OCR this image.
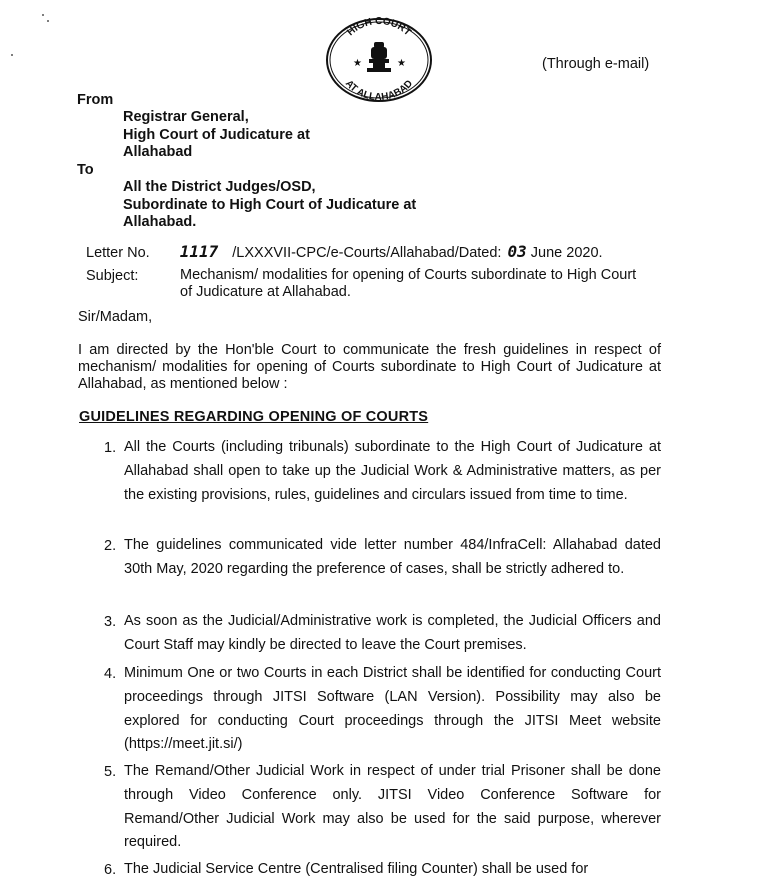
HIGH COURT
AT ALLAHABAD
★	★	(Through e-mail)
From
Registrar General,
High Court of Judicature at
Allahabad
To
All the District Judges/OSD,
Subordinate to High Court of Judicature at
Allahabad.
Letter No. 1117 /LXXXVII-CPC/e-Courts/Allahabad/Dated: 03 June 2020.
Subject:	Mechanism/ modalities for opening of Courts subordinate to High Court of Judicature at Allahabad.
Sir/Madam,
I am directed by the Hon'ble Court to communicate the fresh guidelines in respect of mechanism/ modalities for opening of Courts subordinate to High Court of Judicature at Allahabad, as mentioned below :
GUIDELINES REGARDING OPENING OF COURTS
1. All the Courts (including tribunals) subordinate to the High Court of Judicature at Allahabad shall open to take up the Judicial Work & Administrative matters, as per the existing provisions, rules, guidelines and circulars issued from time to time.
2. The guidelines communicated vide letter number 484/InfraCell: Allahabad dated 30th May, 2020 regarding the preference of cases, shall be strictly adhered to.
3. As soon as the Judicial/Administrative work is completed, the Judicial Officers and Court Staff may kindly be directed to leave the Court premises.
4. Minimum One or two Courts in each District shall be identified for conducting Court proceedings through JITSI Software (LAN Version). Possibility may also be explored for conducting Court proceedings through the JITSI Meet website (https://meet.jit.si/)
5. The Remand/Other Judicial Work in respect of under trial Prisoner shall be done through Video Conference only. JITSI Video Conference Software for Remand/Other Judicial Work may also be used for the said purpose, wherever required.
6. The Judicial Service Centre (Centralised filing Counter) shall be used for
